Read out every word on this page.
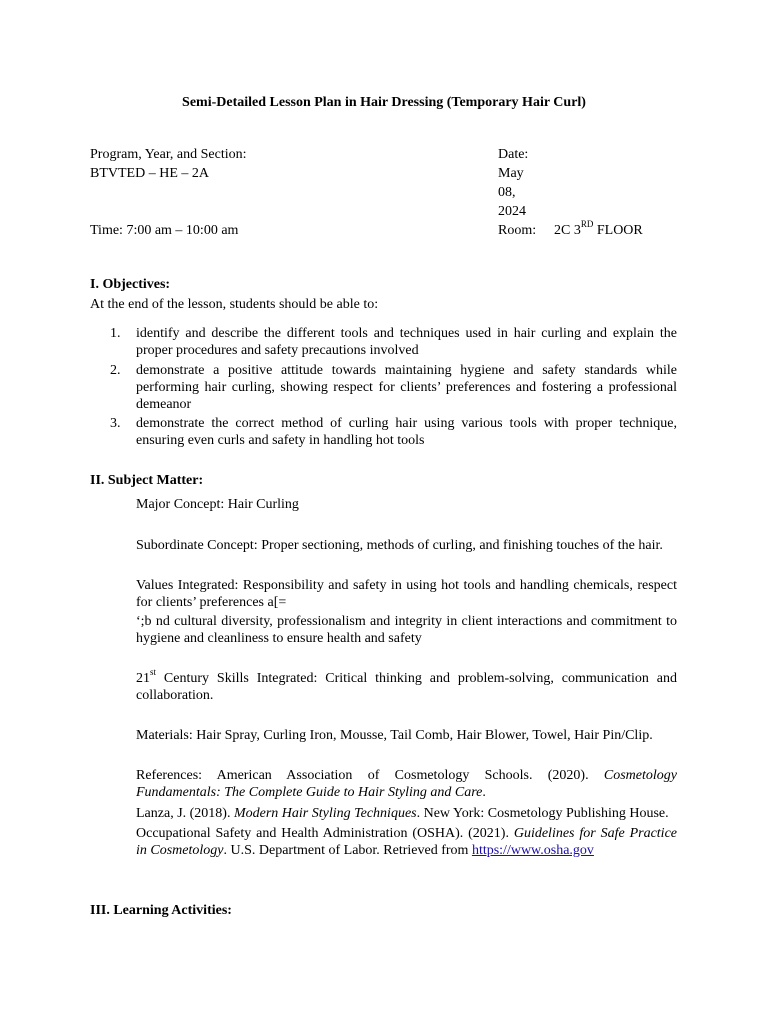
Semi-Detailed Lesson Plan in Hair Dressing (Temporary Hair Curl)
Program, Year, and Section:
BTVTED – HE – 2A
Date:
May
08,
2024
Time: 7:00 am – 10:00 am	Room: 2C 3RD FLOOR
I. Objectives:
At the end of the lesson, students should be able to:
1. identify and describe the different tools and techniques used in hair curling and explain the proper procedures and safety precautions involved
2. demonstrate a positive attitude towards maintaining hygiene and safety standards while performing hair curling, showing respect for clients’ preferences and fostering a professional demeanor
3. demonstrate the correct method of curling hair using various tools with proper technique, ensuring even curls and safety in handling hot tools
II. Subject Matter:
Major Concept: Hair Curling
Subordinate Concept: Proper sectioning, methods of curling, and finishing touches of the hair.
Values Integrated: Responsibility and safety in using hot tools and handling chemicals, respect for clients’ preferences a[=
‘;b nd cultural diversity, professionalism and integrity in client interactions and commitment to hygiene and cleanliness to ensure health and safety
21st Century Skills Integrated: Critical thinking and problem-solving, communication and collaboration.
Materials: Hair Spray, Curling Iron, Mousse, Tail Comb, Hair Blower, Towel, Hair Pin/Clip.
References: American Association of Cosmetology Schools. (2020). Cosmetology Fundamentals: The Complete Guide to Hair Styling and Care.
Lanza, J. (2018). Modern Hair Styling Techniques. New York: Cosmetology Publishing House.
Occupational Safety and Health Administration (OSHA). (2021). Guidelines for Safe Practice in Cosmetology. U.S. Department of Labor. Retrieved from https://www.osha.gov
III. Learning Activities:
